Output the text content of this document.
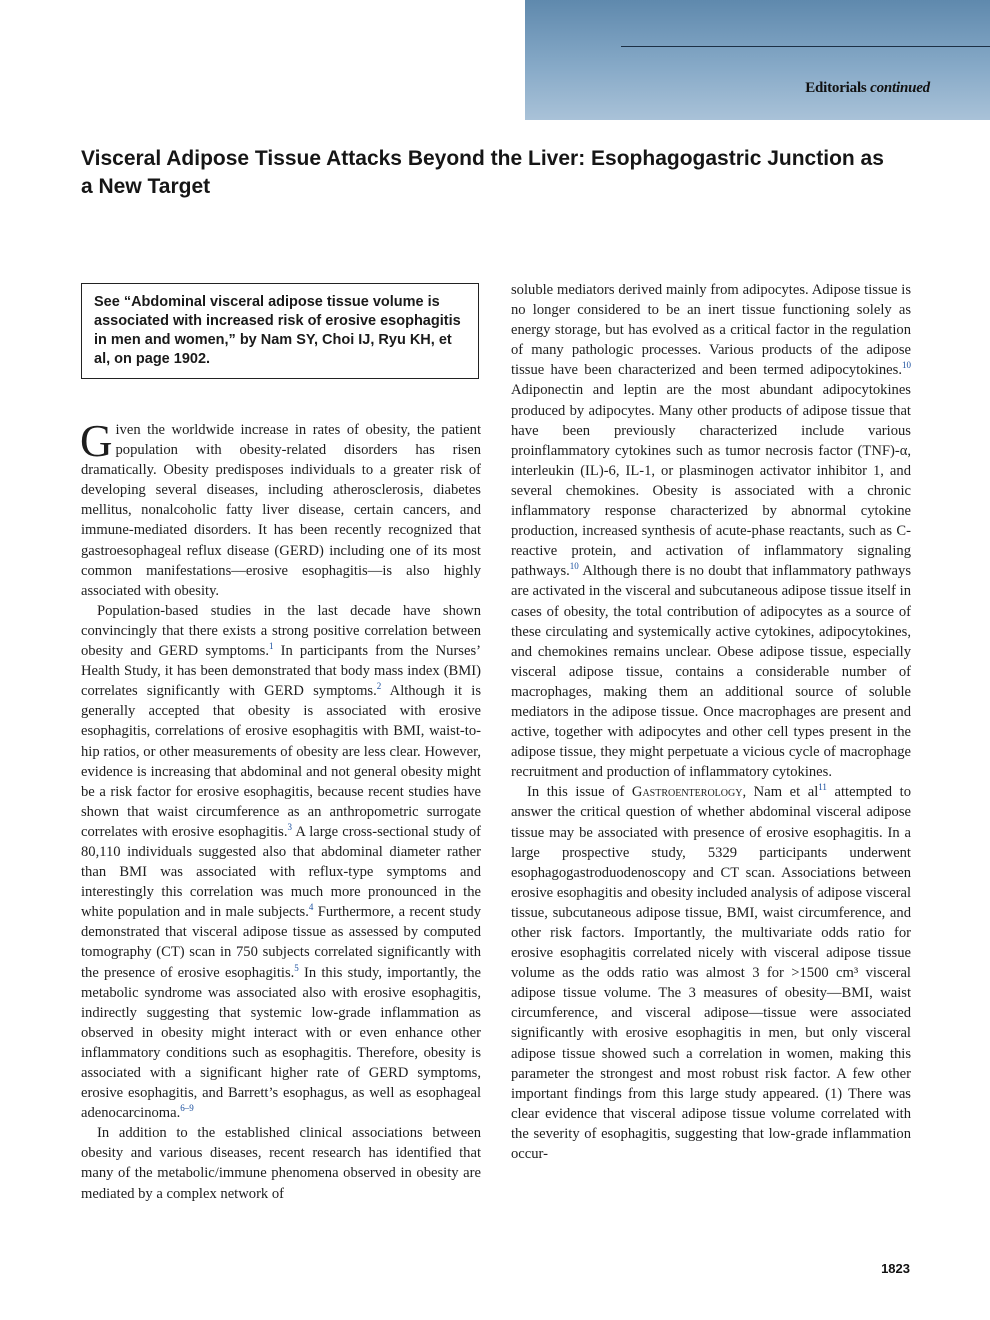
Editorials continued
Visceral Adipose Tissue Attacks Beyond the Liver: Esophagogastric Junction as a New Target
See “Abdominal visceral adipose tissue volume is associated with increased risk of erosive esophagitis in men and women,” by Nam SY, Choi IJ, Ryu KH, et al, on page 1902.

Given the worldwide increase in rates of obesity, the patient population with obesity-related disorders has risen dramatically. Obesity predisposes individuals to a greater risk of developing several diseases, including atherosclerosis, diabetes mellitus, nonalcoholic fatty liver disease, certain cancers, and immune-mediated disorders. It has been recently recognized that gastroesophageal reflux disease (GERD) including one of its most common manifestations—erosive esophagitis—is also highly associated with obesity.

Population-based studies in the last decade have shown convincingly that there exists a strong positive correlation between obesity and GERD symptoms.$^1$ In participants from the Nurses’ Health Study, it has been demonstrated that body mass index (BMI) correlates significantly with GERD symptoms.$^2$ Although it is generally accepted that obesity is associated with erosive esophagitis, correlations of erosive esophagitis with BMI, waist-to-hip ratios, or other measurements of obesity are less clear. However, evidence is increasing that abdominal and not general obesity might be a risk factor for erosive esophagitis, because recent studies have shown that waist circumference as an anthropometric surrogate correlates with erosive esophagitis.$^3$ A large cross-sectional study of 80,110 individuals suggested also that abdominal diameter rather than BMI was associated with reflux-type symptoms and interestingly this correlation was much more pronounced in the white population and in male subjects.$^4$ Furthermore, a recent study demonstrated that visceral adipose tissue as assessed by computed tomography (CT) scan in 750 subjects correlated significantly with the presence of erosive esophagitis.$^5$ In this study, importantly, the metabolic syndrome was associated also with erosive esophagitis, indirectly suggesting that systemic low-grade inflammation as observed in obesity might interact with or even enhance other inflammatory conditions such as esophagitis. Therefore, obesity is associated with a significant higher rate of GERD symptoms, erosive esophagitis, and Barrett’s esophagus, as well as esophageal adenocarcinoma.$^{6-9}$

In addition to the established clinical associations between obesity and various diseases, recent research has identified that many of the metabolic/immune phenomena observed in obesity are mediated by a complex network of

soluble mediators derived mainly from adipocytes. Adipose tissue is no longer considered to be an inert tissue functioning solely as energy storage, but has evolved as a critical factor in the regulation of many pathologic processes. Various products of the adipose tissue have been characterized and been termed adipocytokines.$^{10}$ Adiponectin and leptin are the most abundant adipocytokines produced by adipocytes. Many other products of adipose tissue that have been previously characterized include various proinflammatory cytokines such as tumor necrosis factor (TNF)-α, interleukin (IL)-6, IL-1, or plasminogen activator inhibitor 1, and several chemokines. Obesity is associated with a chronic inflammatory response characterized by abnormal cytokine production, increased synthesis of acute-phase reactants, such as C-reactive protein, and activation of inflammatory signaling pathways.$^{10}$ Although there is no doubt that inflammatory pathways are activated in the visceral and subcutaneous adipose tissue itself in cases of obesity, the total contribution of adipocytes as a source of these circulating and systemically active cytokines, adipocytokines, and chemokines remains unclear. Obese adipose tissue, especially visceral adipose tissue, contains a considerable number of macrophages, making them an additional source of soluble mediators in the adipose tissue. Once macrophages are present and active, together with adipocytes and other cell types present in the adipose tissue, they might perpetuate a vicious cycle of macrophage recruitment and production of inflammatory cytokines.

In this issue of Gastroenterology, Nam et al$^{11}$ attempted to answer the critical question of whether abdominal visceral adipose tissue may be associated with presence of erosive esophagitis. In a large prospective study, 5329 participants underwent esophagogastroduodenoscopy and CT scan. Associations between erosive esophagitis and obesity included analysis of adipose visceral tissue, subcutaneous adipose tissue, BMI, waist circumference, and other risk factors. Importantly, the multivariate odds ratio for erosive esophagitis correlated nicely with visceral adipose tissue volume as the odds ratio was almost 3 for >1500 cm³ visceral adipose tissue volume. The 3 measures of obesity—BMI, waist circumference, and visceral adipose—tissue were associated significantly with erosive esophagitis in men, but only visceral adipose tissue showed such a correlation in women, making this parameter the strongest and most robust risk factor. A few other important findings from this large study appeared. (1) There was clear evidence that visceral adipose tissue volume correlated with the severity of esophagitis, suggesting that low-grade inflammation occur-

1823
